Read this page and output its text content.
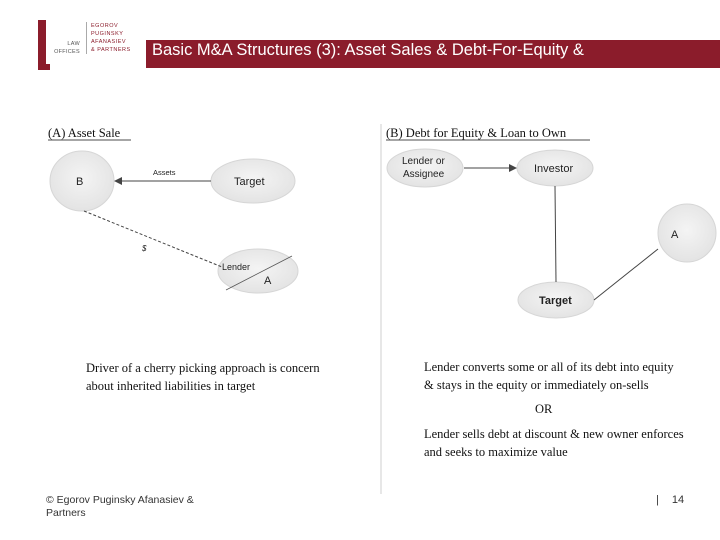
LAW
OFFICES
EGOROV
PUGINSKY
AFANASIEV
& PARTNERS Basic M&A Structures (3): Asset Sales & Debt-For-Equity &
(A) Asset Sale
B	Target
Assets
Lender
A
$
Driver of a cherry picking approach is concern
about inherited liabilities in target
(B) Debt for Equity & Loan to Own
Lender or
Assignee	Investor
A
Target
Lender converts some or all of its debt into equity
& stays in the equity or immediately on-sells
OR
Lender sells debt at discount & new owner enforces
and seeks to maximize value
© Egorov Puginsky Afanasiev &
Partners
| 14
